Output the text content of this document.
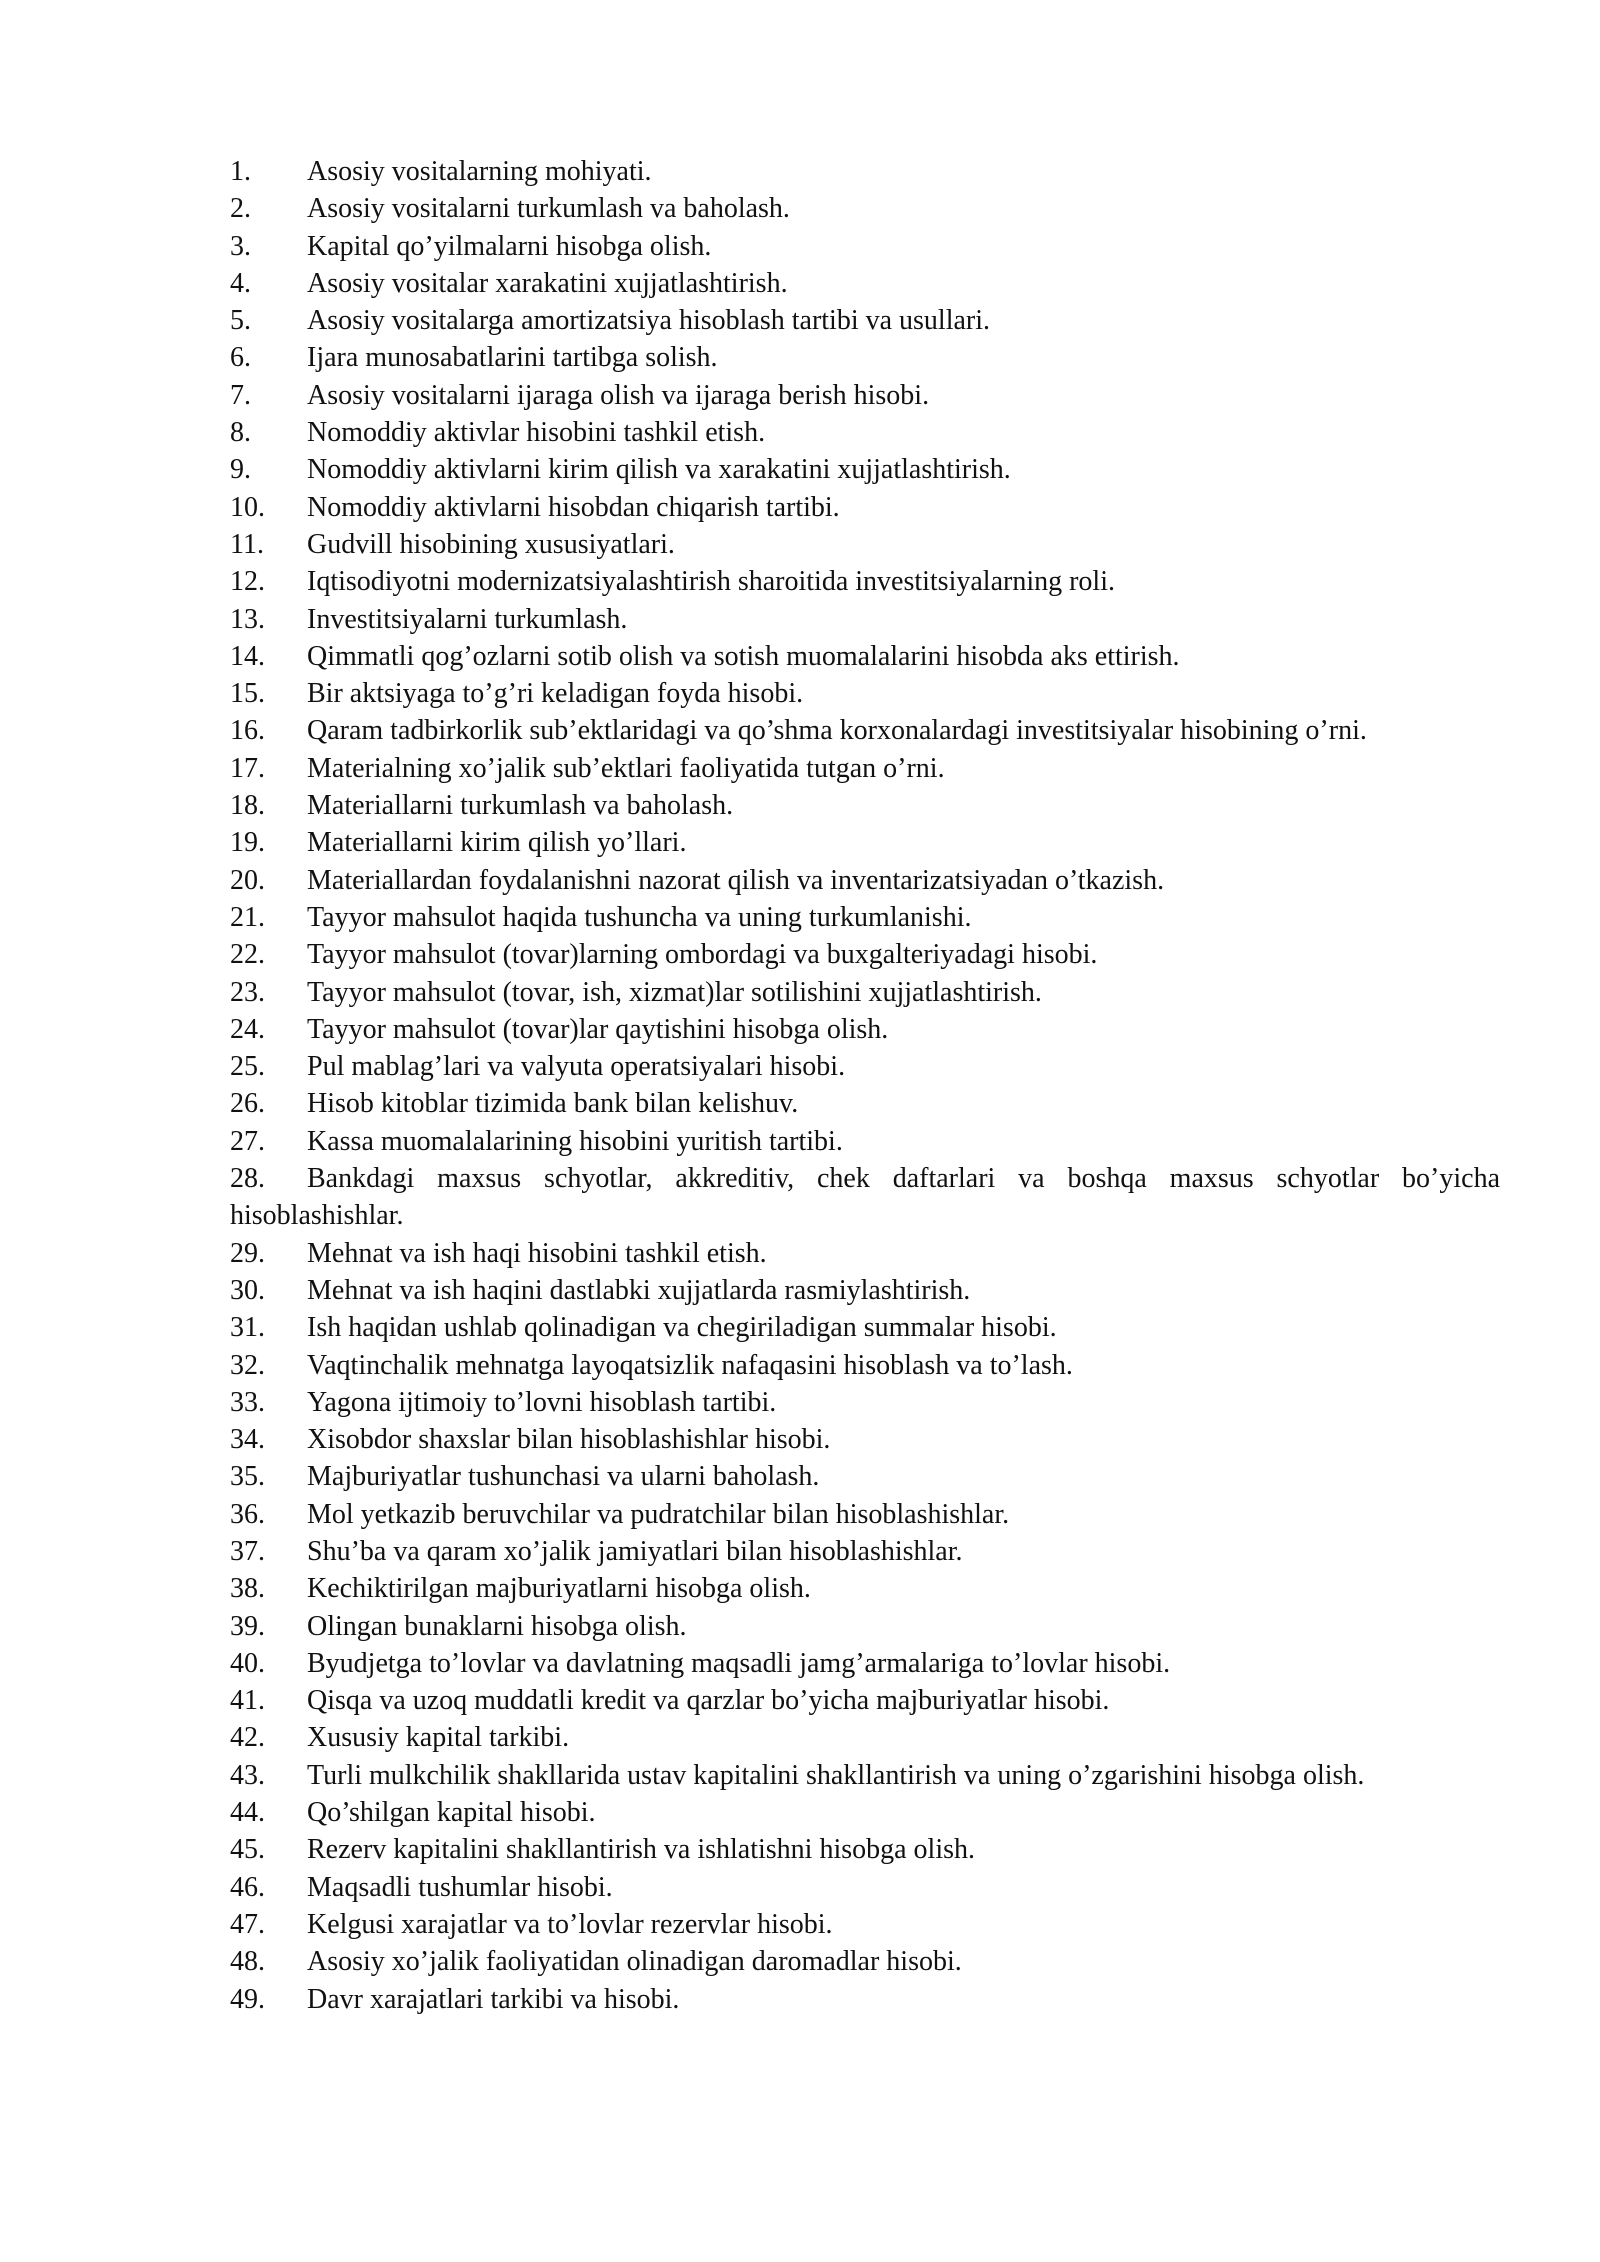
1. Asosiy vositalarning mohiyati.
2. Asosiy vositalarni turkumlash va baholash.
3. Kapital qo’yilmalarni hisobga olish.
4. Asosiy vositalar xarakatini xujjatlashtirish.
5. Asosiy vositalarga amortizatsiya hisoblash tartibi va usullari.
6. Ijara munosabatlarini tartibga solish.
7. Asosiy vositalarni ijaraga olish va ijaraga berish hisobi.
8. Nomoddiy aktivlar hisobini tashkil etish.
9. Nomoddiy aktivlarni kirim qilish va xarakatini xujjatlashtirish.
10. Nomoddiy aktivlarni hisobdan chiqarish tartibi.
11. Gudvill hisobining xususiyatlari.
12. Iqtisodiyotni modernizatsiyalashtirish sharoitida investitsiyalarning roli.
13. Investitsiyalarni turkumlash.
14. Qimmatli qog’ozlarni sotib olish va sotish muomalalarini hisobda aks ettirish.
15. Bir aktsiyaga to’g’ri keladigan foyda hisobi.
16. Qaram tadbirkorlik sub’ektlaridagi va qo’shma korxonalardagi investitsiyalar hisobining o’rni.
17. Materialning xo’jalik sub’ektlari faoliyatida tutgan o’rni.
18. Materiallarni turkumlash va baholash.
19. Materiallarni kirim qilish yo’llari.
20. Materiallardan foydalanishni nazorat qilish va inventarizatsiyadan o’tkazish.
21. Tayyor mahsulot haqida tushuncha va uning turkumlanishi.
22. Tayyor mahsulot (tovar)larning ombordagi va buxgalteriyadagi hisobi.
23. Tayyor mahsulot (tovar, ish, xizmat)lar sotilishini xujjatlashtirish.
24. Tayyor mahsulot (tovar)lar qaytishini hisobga olish.
25. Pul mablag’lari va valyuta operatsiyalari hisobi.
26. Hisob kitoblar tizimida bank bilan kelishuv.
27. Kassa muomalalarining hisobini yuritish tartibi.
28. Bankdagi maxsus schyotlar, akkreditiv, chek daftarlari va boshqa maxsus schyotlar bo’yicha hisoblashishlar.
29. Mehnat va ish haqi hisobini tashkil etish.
30. Mehnat va ish haqini dastlabki xujjatlarda rasmiylashtirish.
31. Ish haqidan ushlab qolinadigan va chegiriladigan summalar hisobi.
32. Vaqtinchalik mehnatga layoqatsizlik nafaqasini hisoblash va to’lash.
33. Yagona ijtimoiy to’lovni hisoblash tartibi.
34. Xisobdor shaxslar bilan hisoblashishlar hisobi.
35. Majburiyatlar tushunchasi va ularni baholash.
36. Mol yetkazib beruvchilar va pudratchilar bilan hisoblashishlar.
37. Shu’ba va qaram xo’jalik jamiyatlari bilan hisoblashishlar.
38. Kechiktirilgan majburiyatlarni hisobga olish.
39. Olingan bunaklarni hisobga olish.
40. Byudjetga to’lovlar va davlatning maqsadli jamg’armalariga to’lovlar hisobi.
41. Qisqa va uzoq muddatli kredit va qarzlar bo’yicha majburiyatlar hisobi.
42. Xususiy kapital tarkibi.
43. Turli mulkchilik shakllarida ustav kapitalini shakllantirish va uning o’zgarishini hisobga olish.
44. Qo’shilgan kapital hisobi.
45. Rezerv kapitalini shakllantirish va ishlatishni hisobga olish.
46. Maqsadli tushumlar hisobi.
47. Kelgusi xarajatlar va to’lovlar rezervlar hisobi.
48. Asosiy xo’jalik faoliyatidan olinadigan daromadlar hisobi.
49. Davr xarajatlari tarkibi va hisobi.
